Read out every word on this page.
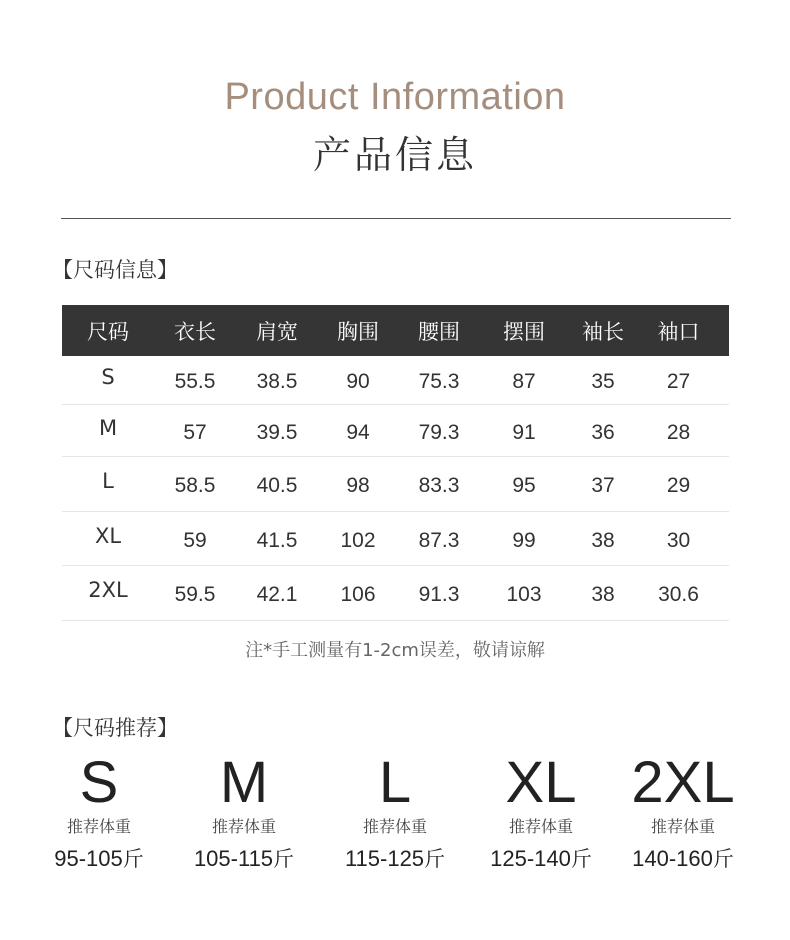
Product Information
产品信息
【尺码信息】
尺码	衣长	肩宽	胸围	腰围	摆围	袖长	袖口
S	55.5	38.5	90	75.3	87	35	27
M	57	39.5	94	79.3	91	36	28
L	58.5	40.5	98	83.3	95	37	29
XL	59	41.5	102	87.3	99	38	30
2XL	59.5	42.1	106	91.3	103	38	30.6
注*手工测量有1-2cm误差，敬请谅解
【尺码推荐】
S
推荐体重
95-105斤
M
推荐体重
105-115斤
L
推荐体重
115-125斤
XL
推荐体重
125-140斤
2XL
推荐体重
140-160斤
